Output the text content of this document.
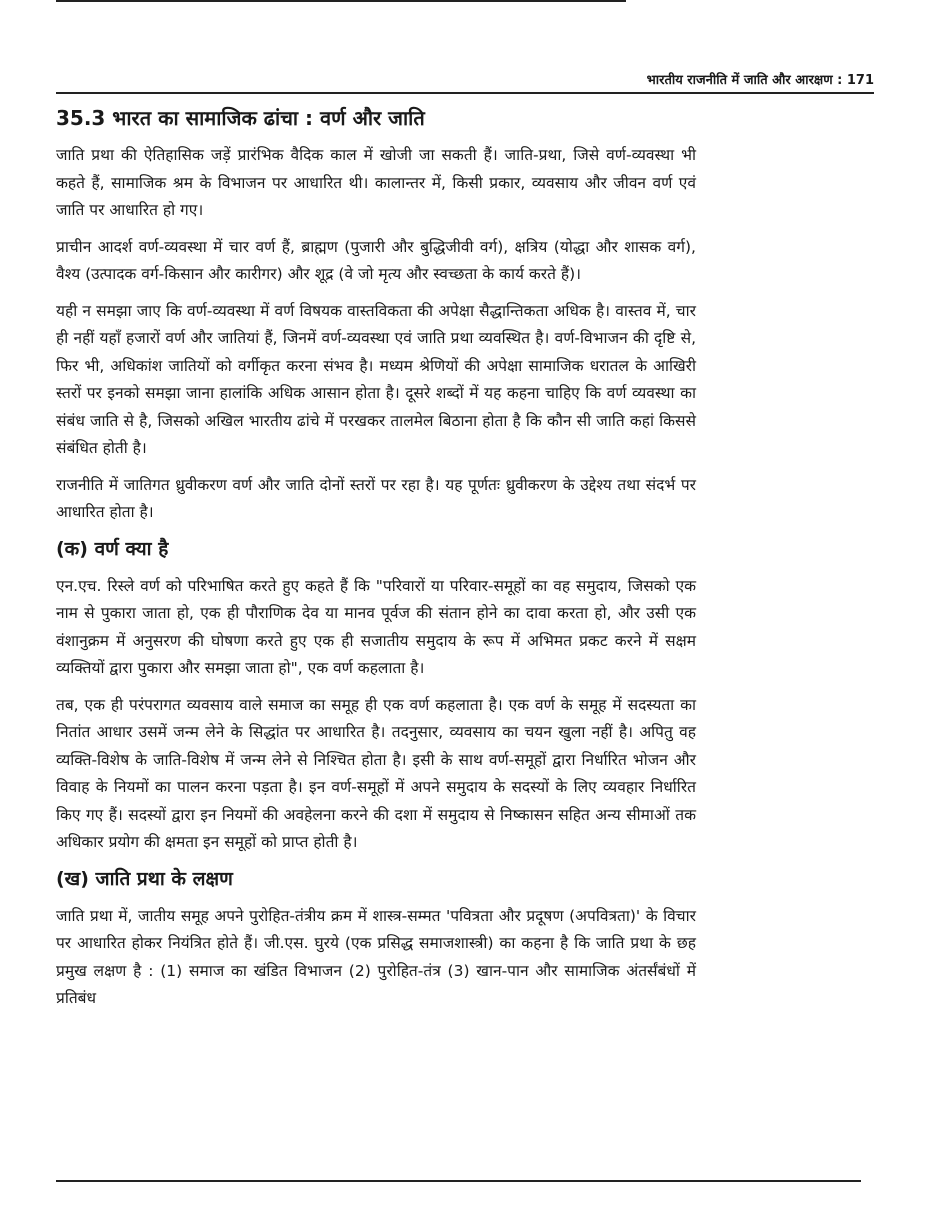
भारतीय राजनीति में जाति और आरक्षण : 171
35.3 भारत का सामाजिक ढांचा : वर्ण और जाति

जाति प्रथा की ऐतिहासिक जड़ें प्रारंभिक वैदिक काल में खोजी जा सकती हैं। जाति-प्रथा, जिसे वर्ण-व्यवस्था भी कहते हैं, सामाजिक श्रम के विभाजन पर आधारित थी। कालान्तर में, किसी प्रकार, व्यवसाय और जीवन वर्ण एवं जाति पर आधारित हो गए।

प्राचीन आदर्श वर्ण-व्यवस्था में चार वर्ण हैं, ब्राह्मण (पुजारी और बुद्धिजीवी वर्ग), क्षत्रिय (योद्धा और शासक वर्ग), वैश्य (उत्पादक वर्ग-किसान और कारीगर) और शूद्र (वे जो मृत्य और स्वच्छता के कार्य करते हैं)।

यही न समझा जाए कि वर्ण-व्यवस्था में वर्ण विषयक वास्तविकता की अपेक्षा सैद्धान्तिकता अधिक है। वास्तव में, चार ही नहीं यहाँ हजारों वर्ण और जातियां हैं, जिनमें वर्ण-व्यवस्था एवं जाति प्रथा व्यवस्थित है। वर्ण-विभाजन की दृष्टि से, फिर भी, अधिकांश जातियों को वर्गीकृत करना संभव है। मध्यम श्रेणियों की अपेक्षा सामाजिक धरातल के आखिरी स्तरों पर इनको समझा जाना हालांकि अधिक आसान होता है। दूसरे शब्दों में यह कहना चाहिए कि वर्ण व्यवस्था का संबंध जाति से है, जिसको अखिल भारतीय ढांचे में परखकर तालमेल बिठाना होता है कि कौन सी जाति कहां किससे संबंधित होती है।

राजनीति में जातिगत ध्रुवीकरण वर्ण और जाति दोनों स्तरों पर रहा है। यह पूर्णतः ध्रुवीकरण के उद्देश्य तथा संदर्भ पर आधारित होता है।

(क) वर्ण क्या है

एन.एच. रिस्ले वर्ण को परिभाषित करते हुए कहते हैं कि "परिवारों या परिवार-समूहों का वह समुदाय, जिसको एक नाम से पुकारा जाता हो, एक ही पौराणिक देव या मानव पूर्वज की संतान होने का दावा करता हो, और उसी एक वंशानुक्रम में अनुसरण की घोषणा करते हुए एक ही सजातीय समुदाय के रूप में अभिमत प्रकट करने में सक्षम व्यक्तियों द्वारा पुकारा और समझा जाता हो", एक वर्ण कहलाता है।

तब, एक ही परंपरागत व्यवसाय वाले समाज का समूह ही एक वर्ण कहलाता है। एक वर्ण के समूह में सदस्यता का नितांत आधार उसमें जन्म लेने के सिद्धांत पर आधारित है। तदनुसार, व्यवसाय का चयन खुला नहीं है। अपितु वह व्यक्ति-विशेष के जाति-विशेष में जन्म लेने से निश्चित होता है। इसी के साथ वर्ण-समूहों द्वारा निर्धारित भोजन और विवाह के नियमों का पालन करना पड़ता है। इन वर्ण-समूहों में अपने समुदाय के सदस्यों के लिए व्यवहार निर्धारित किए गए हैं। सदस्यों द्वारा इन नियमों की अवहेलना करने की दशा में समुदाय से निष्कासन सहित अन्य सीमाओं तक अधिकार प्रयोग की क्षमता इन समूहों को प्राप्त होती है।

(ख) जाति प्रथा के लक्षण

जाति प्रथा में, जातीय समूह अपने पुरोहित-तंत्रीय क्रम में शास्त्र-सम्मत 'पवित्रता और प्रदूषण (अपवित्रता)' के विचार पर आधारित होकर नियंत्रित होते हैं। जी.एस. घुरये (एक प्रसिद्ध समाजशास्त्री) का कहना है कि जाति प्रथा के छह प्रमुख लक्षण है : (1) समाज का खंडित विभाजन (2) पुरोहित-तंत्र (3) खान-पान और सामाजिक अंतर्संबंधों में प्रतिबंध
